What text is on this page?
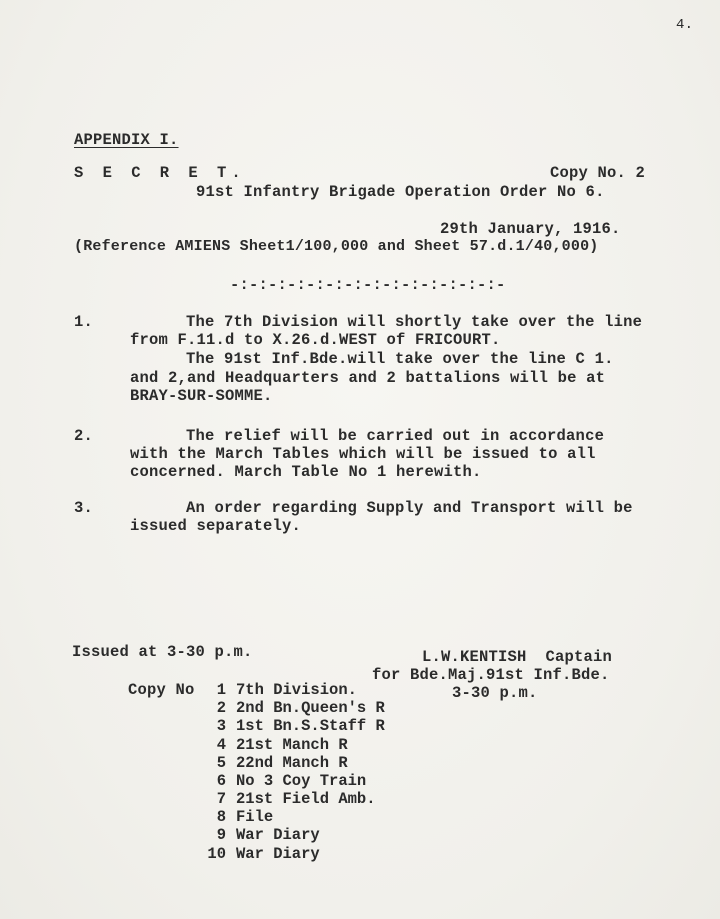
4.
APPENDIX I.
S E C R E T.	Copy No. 2
91st Infantry Brigade Operation Order No 6.
29th January, 1916.
(Reference AMIENS Sheet1/100,000 and Sheet 57.d.1/40,000)
-:-:-:-:-:-:-:-:-:-:-:-:-:-:-
1.	The 7th Division will shortly take over the line
from F.11.d to X.26.d.WEST of FRICOURT.
The 91st Inf.Bde.will take over the line C 1.
and 2,and Headquarters and 2 battalions will be at
BRAY-SUR-SOMME.
2.	The relief will be carried out in accordance
with the March Tables which will be issued to all
concerned. March Table No 1 herewith.
3.	An order regarding Supply and Transport will be
issued separately.
Issued at 3-30 p.m.	L.W.KENTISH  Captain
for Bde.Maj.91st Inf.Bde.
3-30 p.m.
Copy No	1 7th Division.
2 2nd Bn.Queen's R
3 1st Bn.S.Staff R
4 21st Manch R
5 22nd Manch R
6 No 3 Coy Train
7 21st Field Amb.
8 File
9 War Diary
10 War Diary
